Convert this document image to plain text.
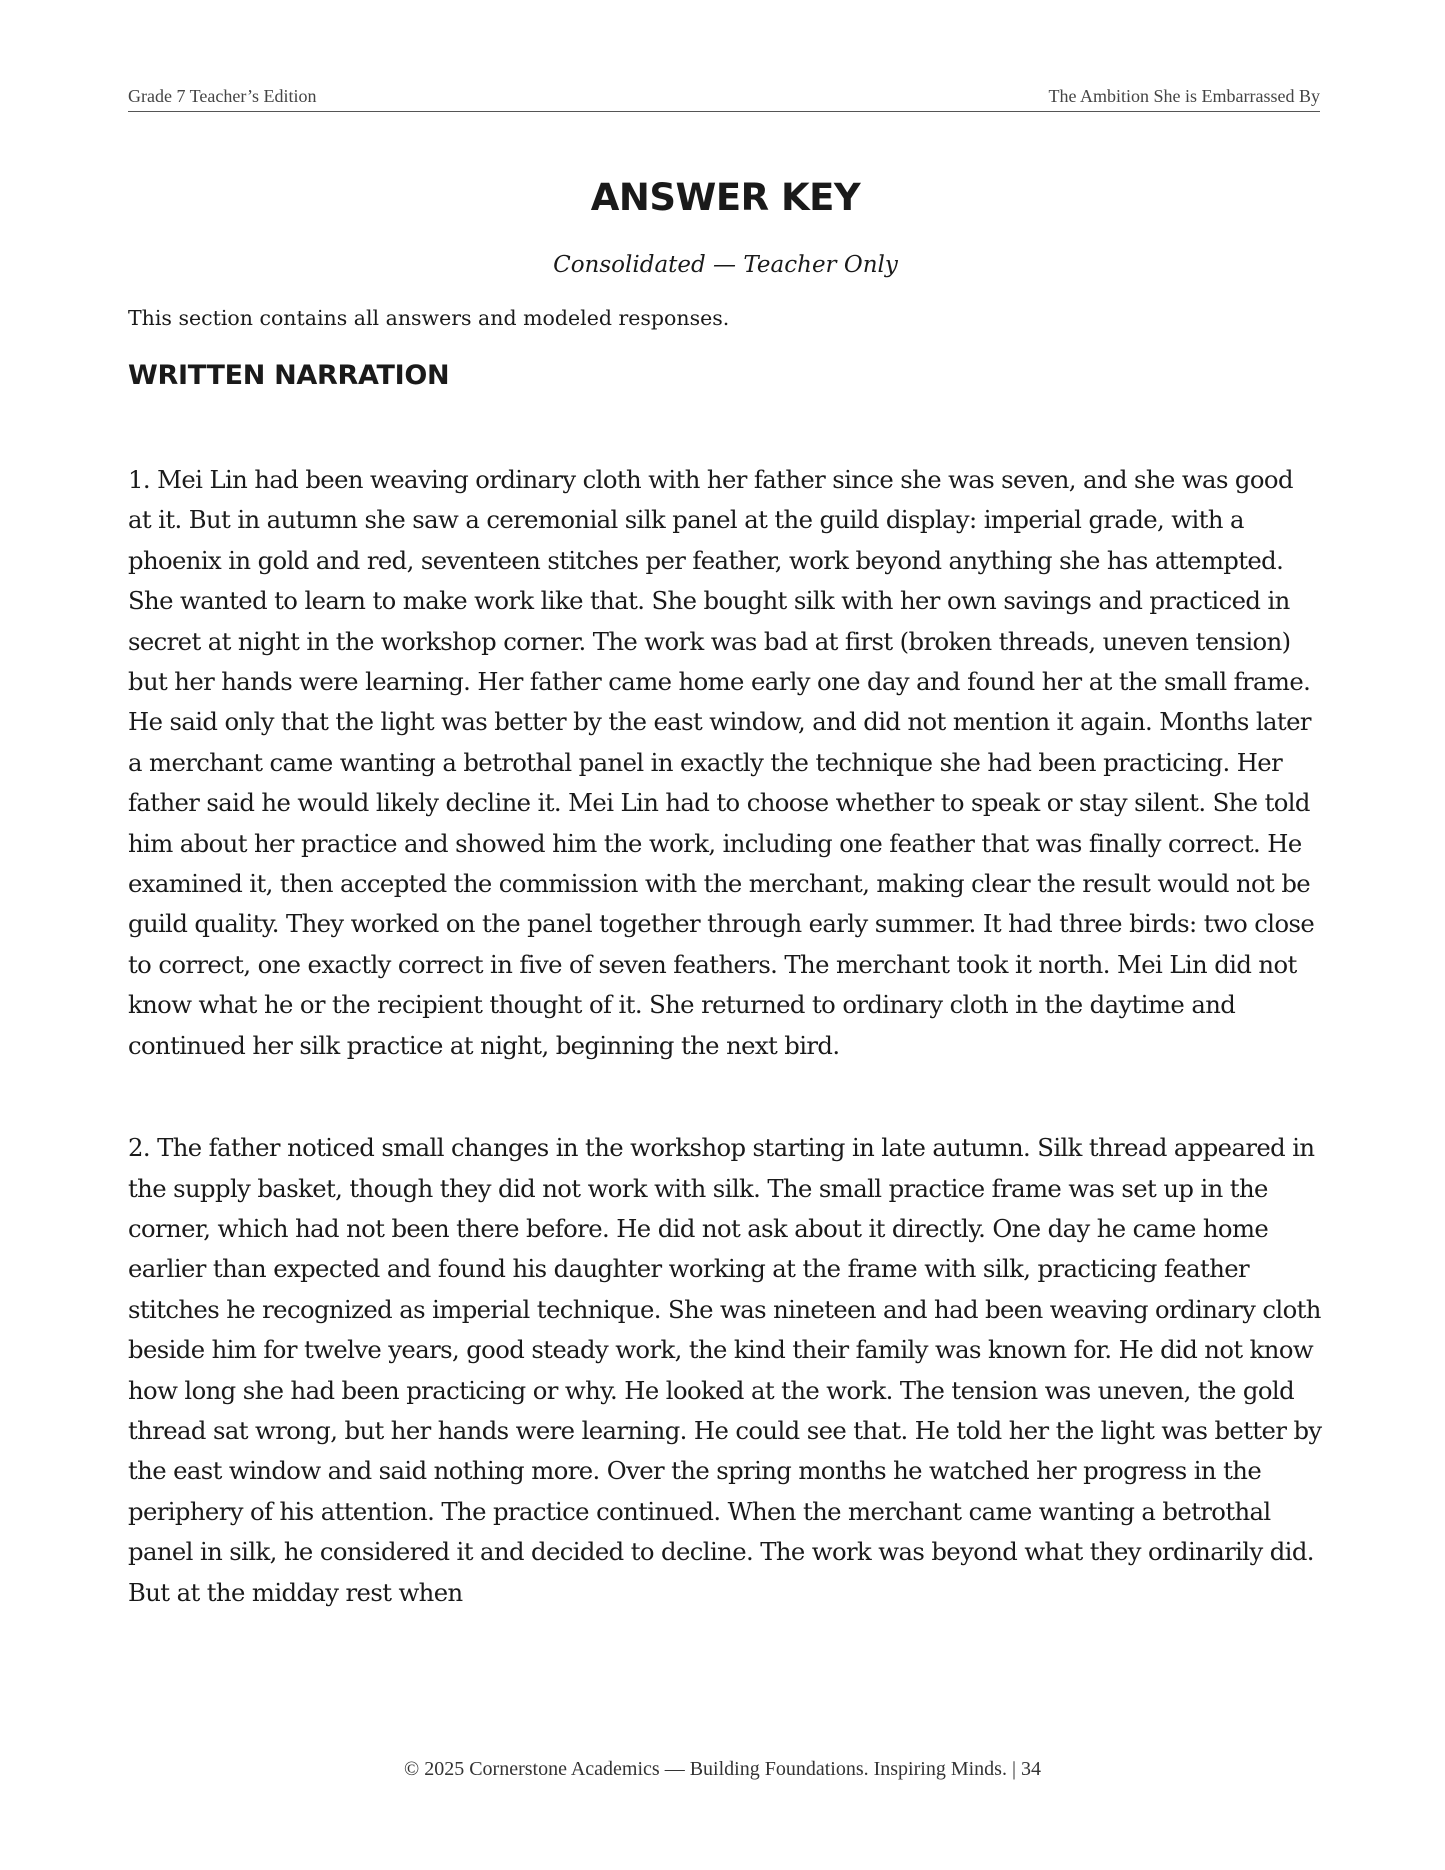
Grade 7 Teacher’s Edition	The Ambition She is Embarrassed By
ANSWER KEY

Consolidated — Teacher Only

This section contains all answers and modeled responses.

WRITTEN NARRATION

1. Mei Lin had been weaving ordinary cloth with her father since she was seven, and she was good at it. But in autumn she saw a ceremonial silk panel at the guild display: imperial grade, with a phoenix in gold and red, seventeen stitches per feather, work beyond anything she has attempted. She wanted to learn to make work like that. She bought silk with her own savings and practiced in secret at night in the workshop corner. The work was bad at first (broken threads, uneven tension) but her hands were learning. Her father came home early one day and found her at the small frame. He said only that the light was better by the east window, and did not mention it again. Months later a merchant came wanting a betrothal panel in exactly the technique she had been practicing. Her father said he would likely decline it. Mei Lin had to choose whether to speak or stay silent. She told him about her practice and showed him the work, including one feather that was finally correct. He examined it, then accepted the commission with the merchant, making clear the result would not be guild quality. They worked on the panel together through early summer. It had three birds: two close to correct, one exactly correct in five of seven feathers. The merchant took it north. Mei Lin did not know what he or the recipient thought of it. She returned to ordinary cloth in the daytime and continued her silk practice at night, beginning the next bird.

2. The father noticed small changes in the workshop starting in late autumn. Silk thread appeared in the supply basket, though they did not work with silk. The small practice frame was set up in the corner, which had not been there before. He did not ask about it directly. One day he came home earlier than expected and found his daughter working at the frame with silk, practicing feather stitches he recognized as imperial technique. She was nineteen and had been weaving ordinary cloth beside him for twelve years, good steady work, the kind their family was known for. He did not know how long she had been practicing or why. He looked at the work. The tension was uneven, the gold thread sat wrong, but her hands were learning. He could see that. He told her the light was better by the east window and said nothing more. Over the spring months he watched her progress in the periphery of his attention. The practice continued. When the merchant came wanting a betrothal panel in silk, he considered it and decided to decline. The work was beyond what they ordinarily did. But at the midday rest when

© 2025 Cornerstone Academics — Building Foundations. Inspiring Minds. | 34
